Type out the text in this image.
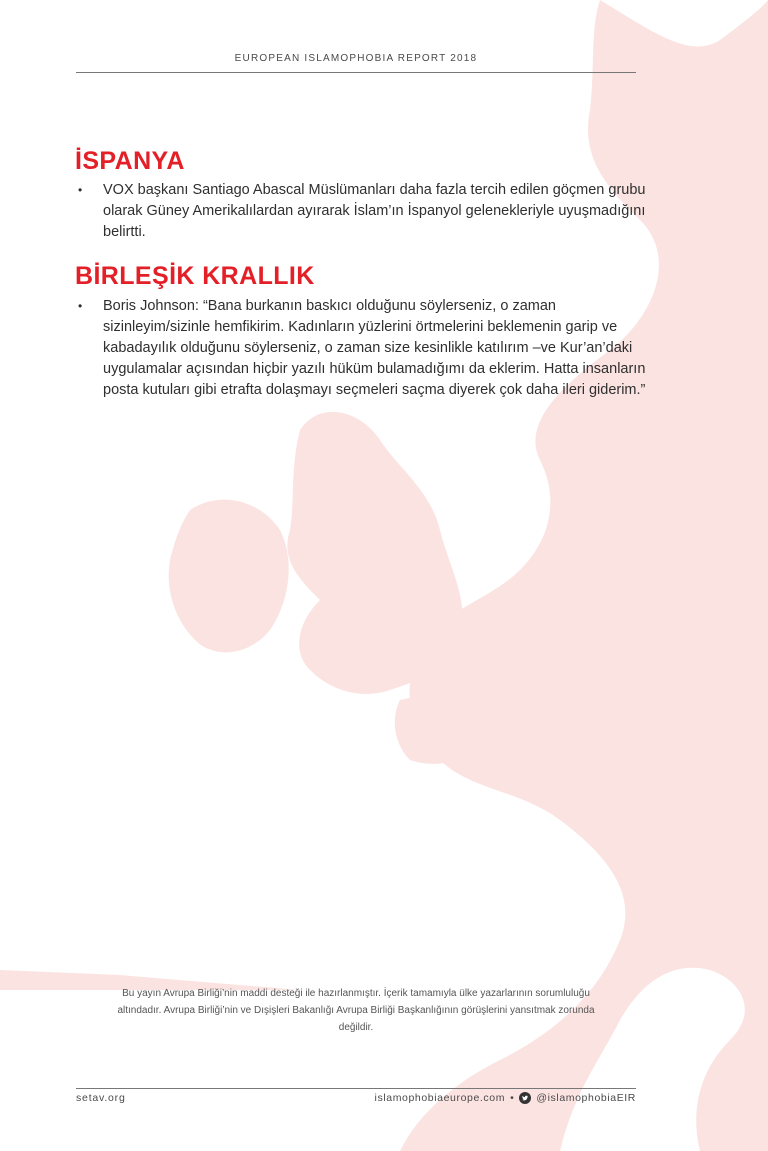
EUROPEAN ISLAMOPHOBIA REPORT 2018
İSPANYA
• VOX başkanı Santiago Abascal Müslümanları daha fazla tercih edilen göçmen grubu olarak Güney Amerikalılardan ayırarak İslam’ın İspanyol gelenekleriyle uyuşmadığını belirtti.
BİRLEŞİK KRALLIK
• Boris Johnson: “Bana burkanın baskıcı olduğunu söylerseniz, o zaman sizinleyim/sizinle hemfikirim. Kadınların yüzlerini örtmelerini beklemenin garip ve kabadayılık olduğunu söylerseniz, o zaman size kesinlikle katılırım –ve Kur’an’daki uygulamalar açısından hiçbir yazılı hüküm bulamadığımı da eklerim. Hatta insanların posta kutuları gibi etrafta dolaşmayı seçmeleri saçma diyerek çok daha ileri giderim.”
Bu yayın Avrupa Birliği’nin maddi desteği ile hazırlanmıştır. İçerik tamamıyla ülke yazarlarının sorumluluğu altındadır. Avrupa Birliği’nin ve Dışişleri Bakanlığı Avrupa Birliği Başkanlığının görüşlerini yansıtmak zorunda değildir.
setav.org	islamophobiaeurope.com • @islamophobiaEIR
